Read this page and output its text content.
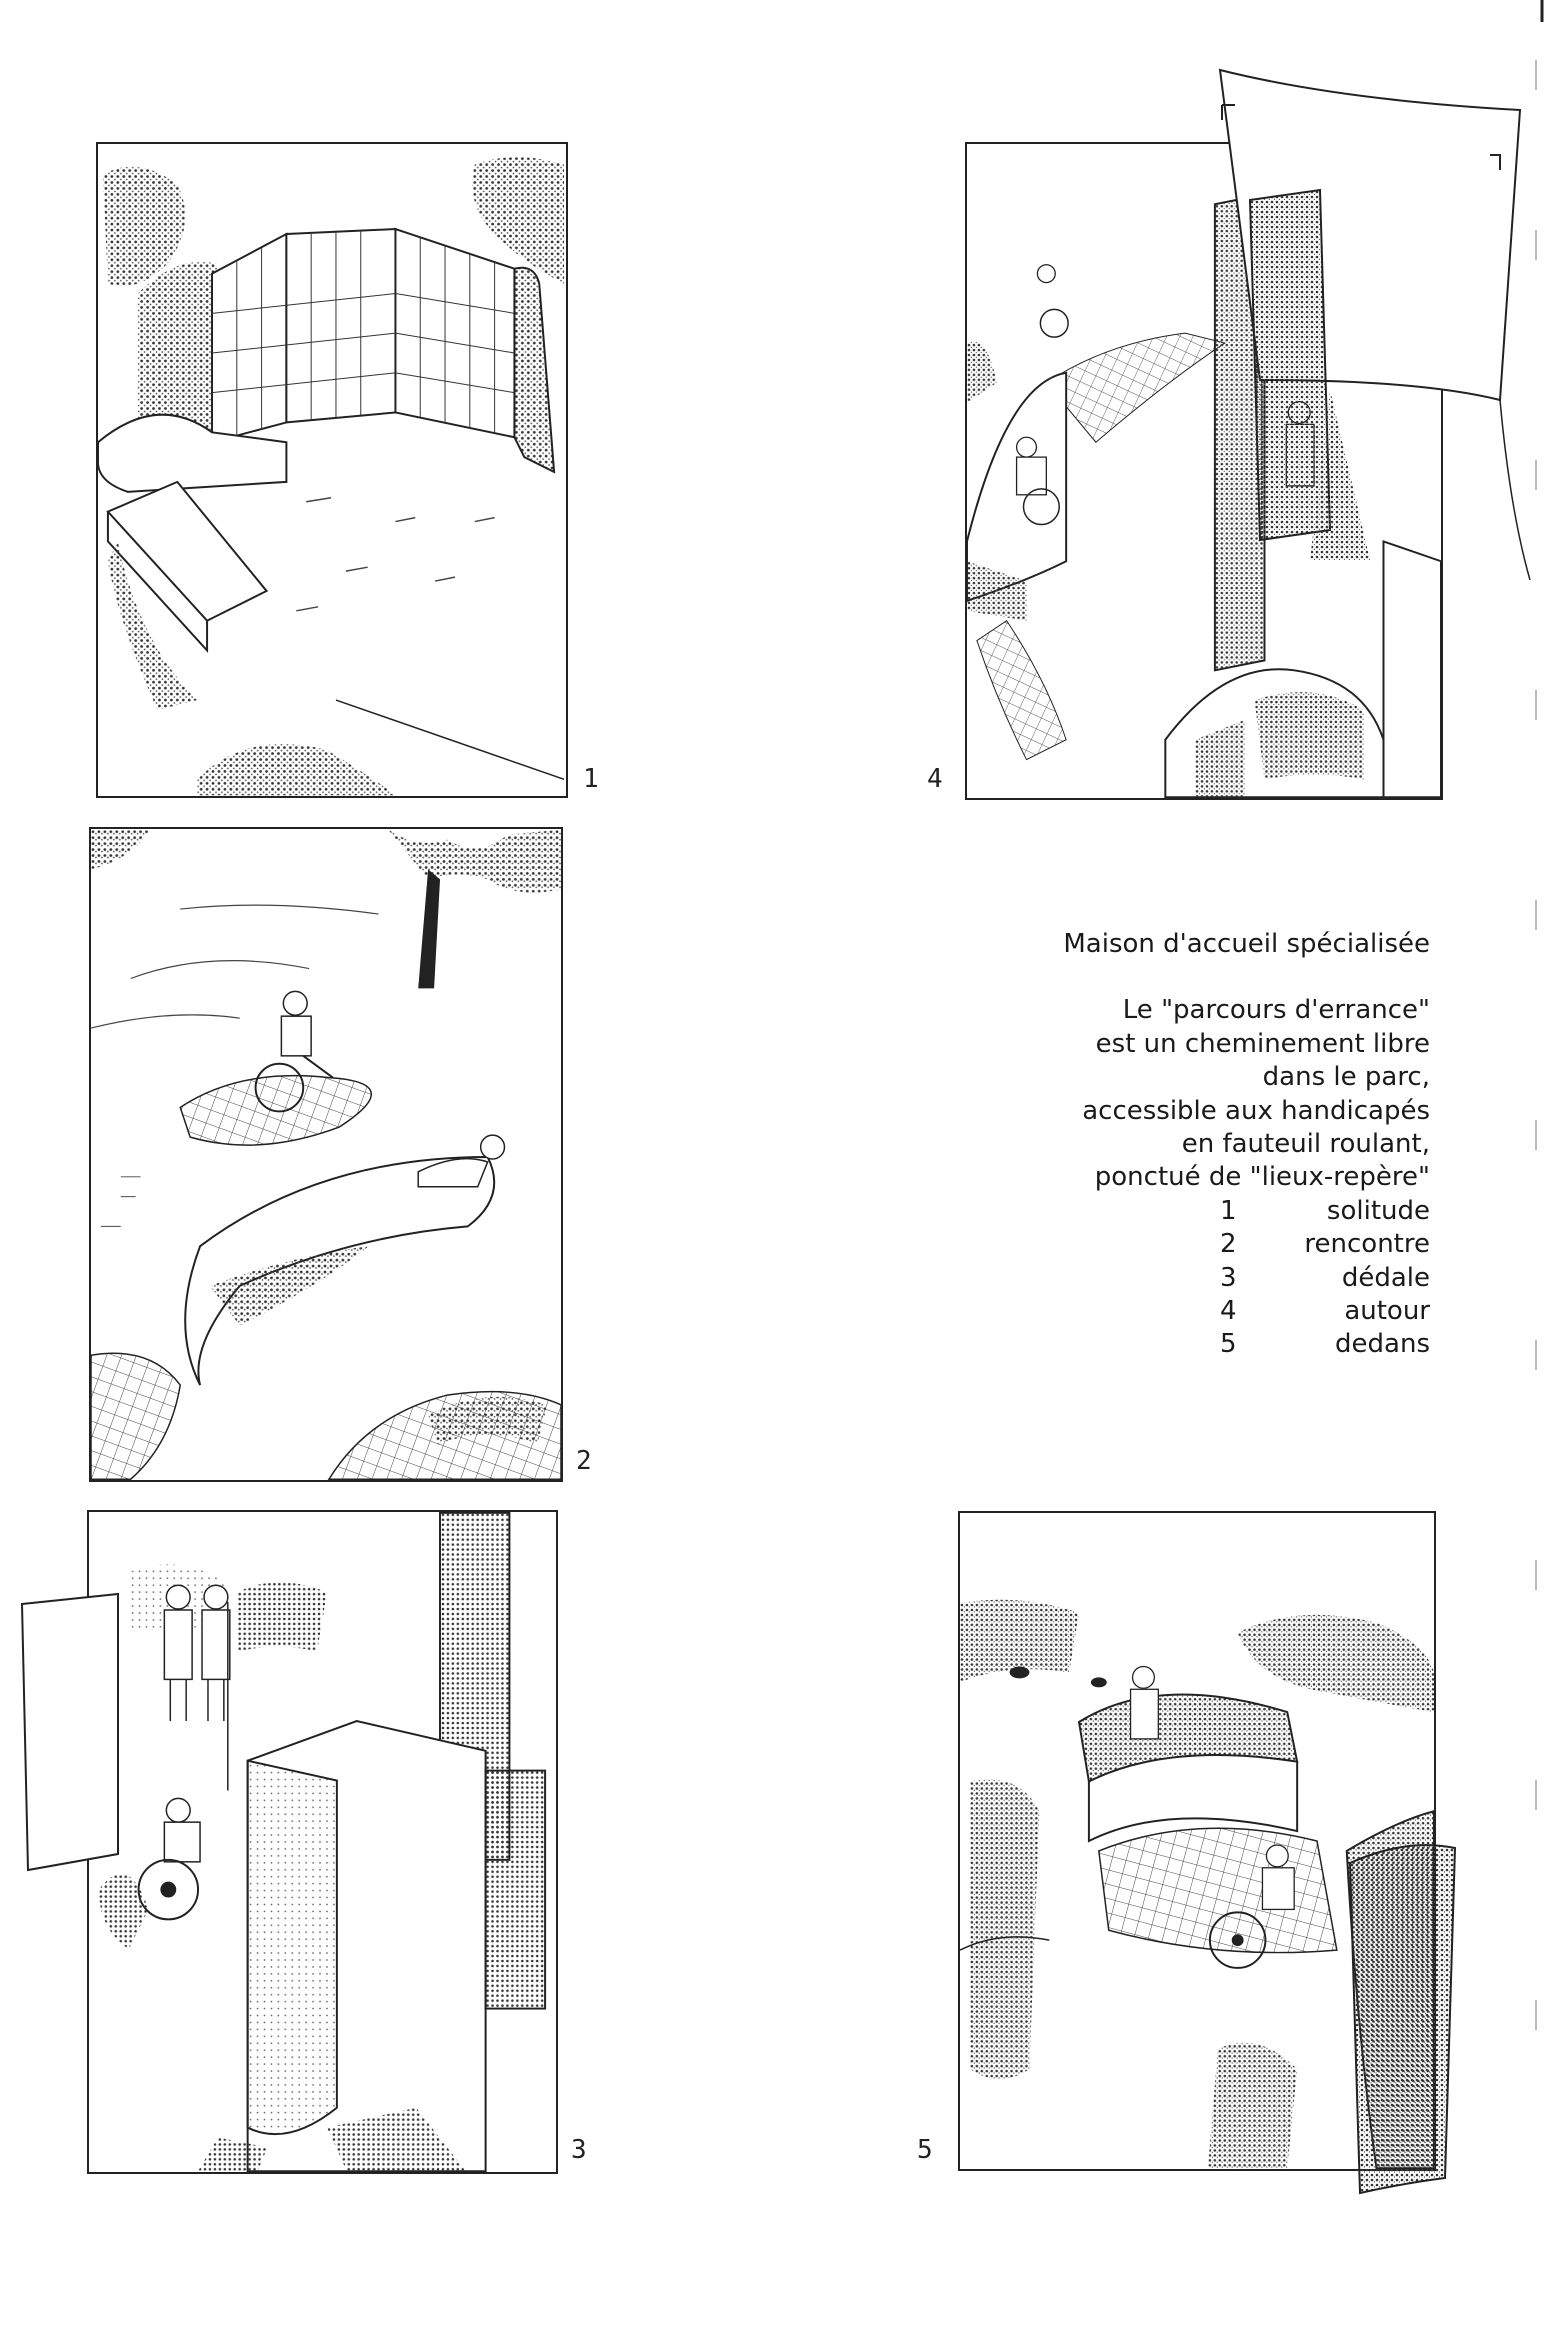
1
2
3
4
Maison d'accueil spécialisée
Le "parcours d'errance"
est un cheminement libre
dans le parc,
accessible aux handicapés
en fauteuil roulant,
ponctué de "lieux-repère"
1	solitude
2	rencontre
3	dédale
4	autour
5	dedans
5
